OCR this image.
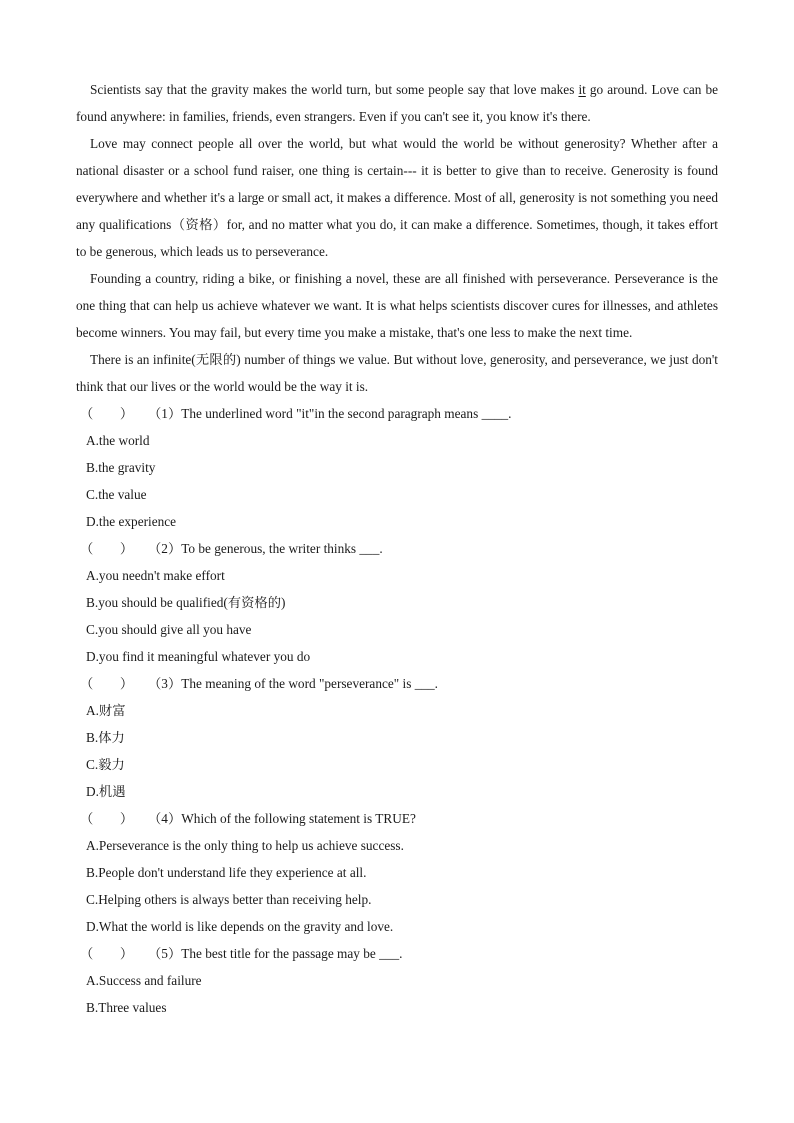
Scientists say that the gravity makes the world turn, but some people say that love makes it go around. Love can be found anywhere: in families, friends, even strangers. Even if you can't see it, you know it's there.

Love may connect people all over the world, but what would the world be without generosity? Whether after a national disaster or a school fund raiser, one thing is certain--- it is better to give than to receive. Generosity is found everywhere and whether it's a large or small act, it makes a difference. Most of all, generosity is not something you need any qualifications（资格）for, and no matter what you do, it can make a difference. Sometimes, though, it takes effort to be generous, which leads us to perseverance.

Founding a country, riding a bike, or finishing a novel, these are all finished with perseverance. Perseverance is the one thing that can help us achieve whatever we want. It is what helps scientists discover cures for illnesses, and athletes become winners. You may fail, but every time you make a mistake, that's one less to make the next time.

There is an infinite(无限的) number of things we value. But without love, generosity, and perseverance, we just don't think that our lives or the world would be the way it is.

（　　） （1）The underlined word "it"in the second paragraph means ____.

A.the world

B.the gravity

C.the value

D.the experience

（　　） （2）To be generous, the writer thinks ___.

A.you needn't make effort

B.you should be qualified(有资格的)

C.you should give all you have

D.you find it meaningful whatever you do

（　　） （3）The meaning of the word "perseverance" is ___.

A.财富

B.体力

C.毅力

D.机遇

（　　） （4）Which of the following statement is TRUE?

A.Perseverance is the only thing to help us achieve success.

B.People don't understand life they experience at all.

C.Helping others is always better than receiving help.

D.What the world is like depends on the gravity and love.

（　　） （5）The best title for the passage may be ___.

A.Success and failure

B.Three values
